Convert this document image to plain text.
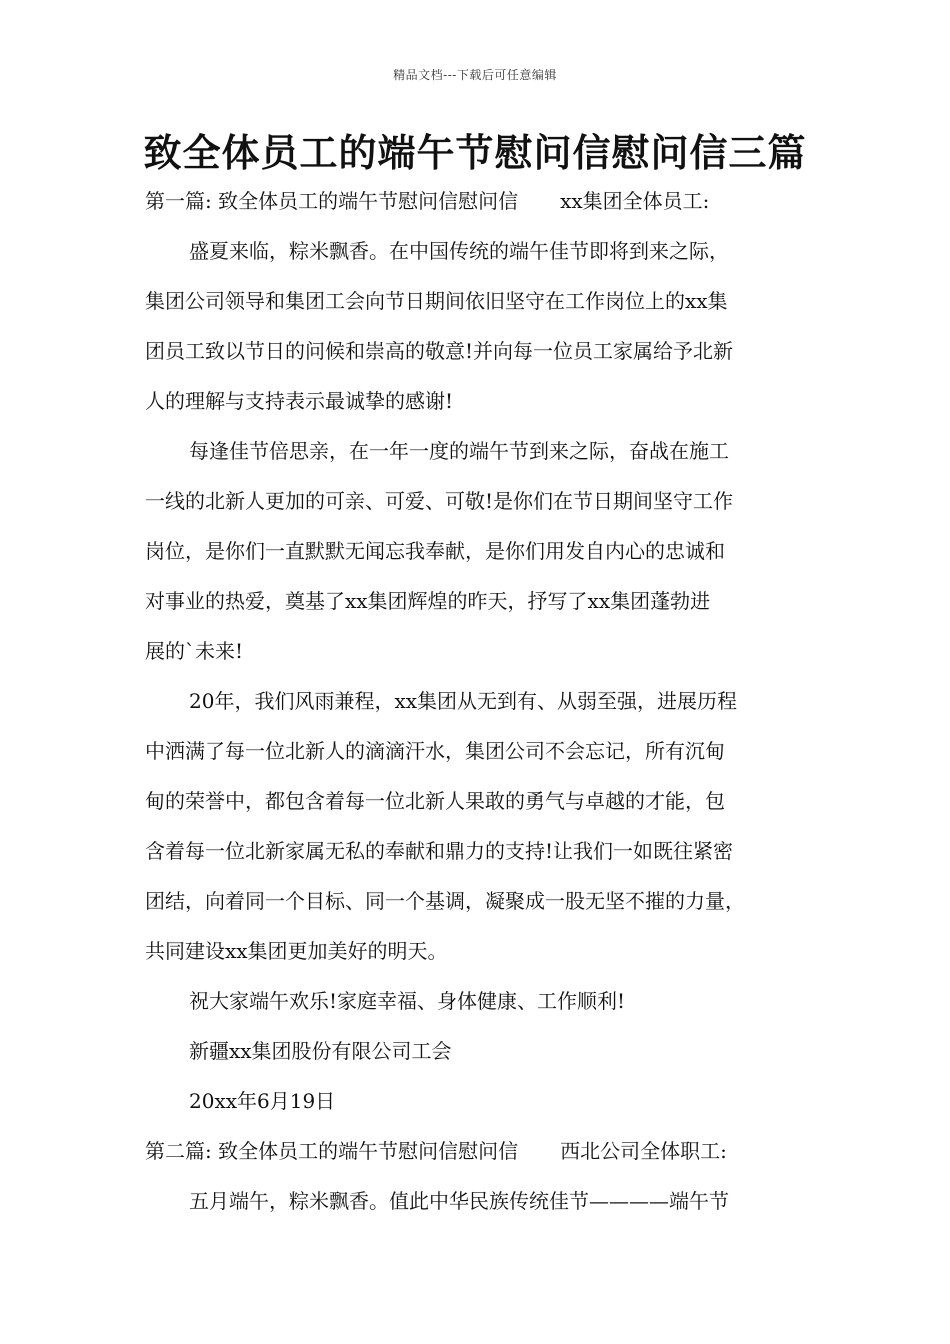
精品文档---下载后可任意编辑
致全体员工的端午节慰问信慰问信三篇
第一篇: 致全体员工的端午节慰问信慰问信 xx集团全体员工:
盛夏来临，粽米飘香。在中国传统的端午佳节即将到来之际，
集团公司领导和集团工会向节日期间依旧坚守在工作岗位上的xx集
团员工致以节日的问候和崇高的敬意!并向每一位员工家属给予北新
人的理解与支持表示最诚挚的感谢!
每逢佳节倍思亲，在一年一度的端午节到来之际，奋战在施工
一线的北新人更加的可亲、可爱、可敬!是你们在节日期间坚守工作
岗位，是你们一直默默无闻忘我奉献，是你们用发自内心的忠诚和
对事业的热爱，奠基了xx集团辉煌的昨天，抒写了xx集团蓬勃进
展的`未来!
20年，我们风雨兼程，xx集团从无到有、从弱至强，进展历程
中洒满了每一位北新人的滴滴汗水，集团公司不会忘记，所有沉甸
甸的荣誉中，都包含着每一位北新人果敢的勇气与卓越的才能，包
含着每一位北新家属无私的奉献和鼎力的支持!让我们一如既往紧密
团结，向着同一个目标、同一个基调，凝聚成一股无坚不摧的力量，
共同建设xx集团更加美好的明天。
祝大家端午欢乐!家庭幸福、身体健康、工作顺利!
新疆xx集团股份有限公司工会
20xx年6月19日
第二篇: 致全体员工的端午节慰问信慰问信 西北公司全体职工:
五月端午，粽米飘香。值此中华民族传统佳节————端午节
